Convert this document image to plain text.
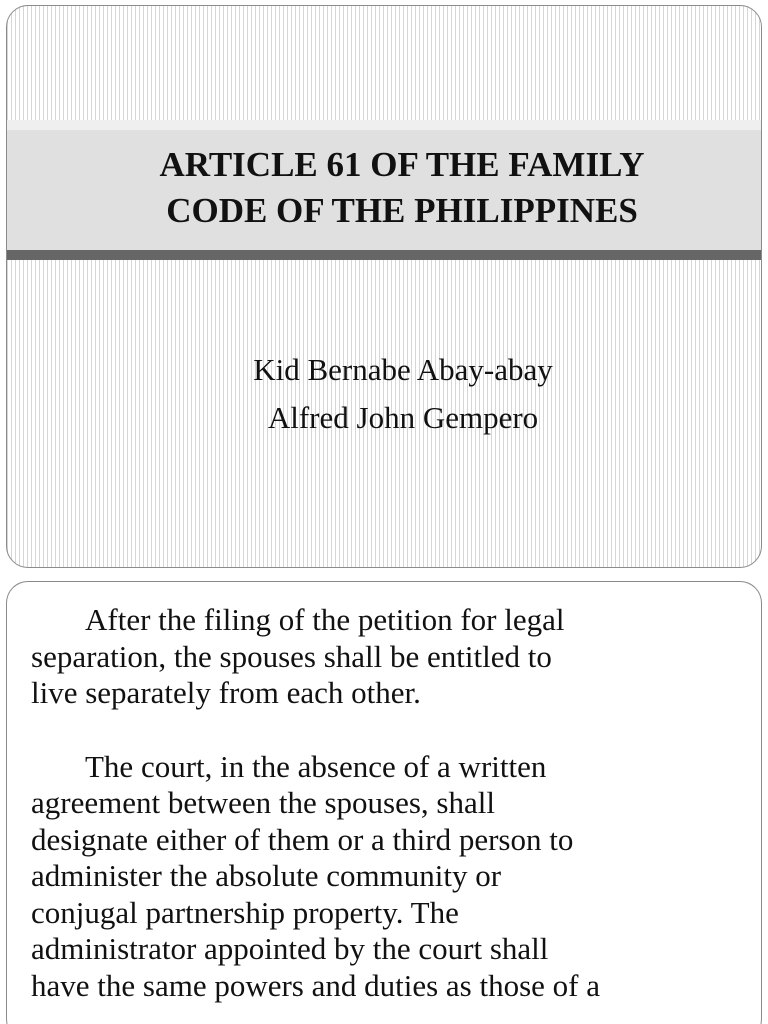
ARTICLE 61 OF THE FAMILY
CODE OF THE PHILIPPINES
Kid Bernabe Abay-abay
Alfred John Gempero

After the filing of the petition for legal
separation, the spouses shall be entitled to
live separately from each other.

The court, in the absence of a written
agreement between the spouses, shall
designate either of them or a third person to
administer the absolute community or
conjugal partnership property. The
administrator appointed by the court shall
have the same powers and duties as those of a
